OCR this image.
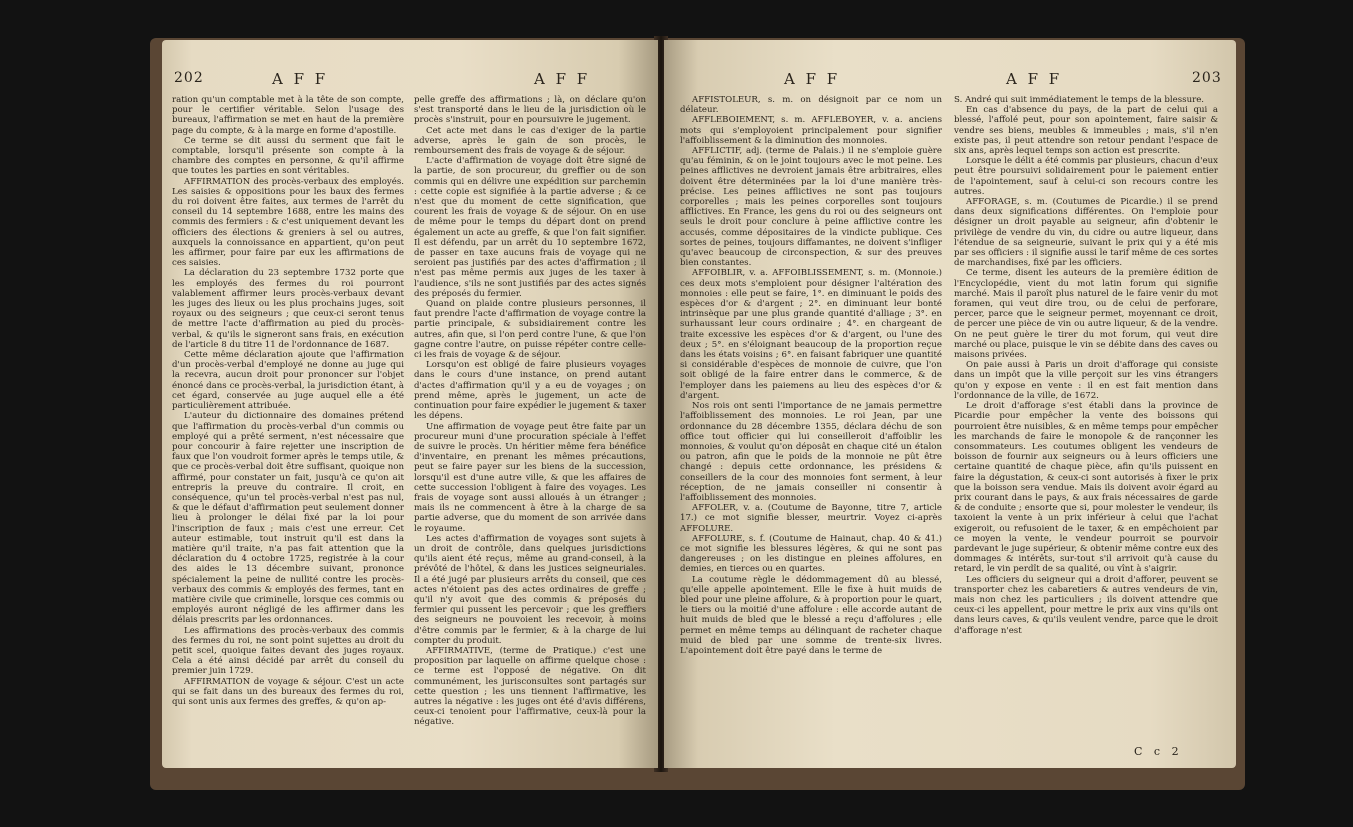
202	A F F	A F F

ration qu'un comptable met à la tête de son compte, pour le certifier véritable. Selon l'usage des bureaux, l'affirmation se met en haut de la première page du compte, & à la marge en forme d'apostille.

Ce terme se dit aussi du serment que fait le comptable, lorsqu'il présente son compte à la chambre des comptes en personne, & qu'il affirme que toutes les parties en sont véritables.

AFFIRMATION des procès-verbaux des employés. Les saisies & oppositions pour les baux des fermes du roi doivent être faites, aux termes de l'arrêt du conseil du 14 septembre 1688, entre les mains des commis des fermiers : & c'est uniquement devant les officiers des élections & greniers à sel ou autres, auxquels la connoissance en appartient, qu'on peut les affirmer, pour faire par eux les affirmations de ces saisies.

La déclaration du 23 septembre 1732 porte que les employés des fermes du roi pourront valablement affirmer leurs procès-verbaux devant les juges des lieux ou les plus prochains juges, soit royaux ou des seigneurs ; que ceux-ci seront tenus de mettre l'acte d'affirmation au pied du procès-verbal, & qu'ils le signeront sans frais, en exécution de l'article 8 du titre 11 de l'ordonnance de 1687.

Cette même déclaration ajoute que l'affirmation d'un procès-verbal d'employé ne donne au juge qui la recevra, aucun droit pour prononcer sur l'objet énoncé dans ce procès-verbal, la jurisdiction étant, à cet égard, conservée au juge auquel elle a été particulièrement attribuée.

L'auteur du dictionnaire des domaines prétend que l'affirmation du procès-verbal d'un commis ou employé qui a prêté serment, n'est nécessaire que pour concourir à faire rejetter une inscription de faux que l'on voudroit former après le temps utile, & que ce procès-verbal doit être suffisant, quoique non affirmé, pour constater un fait, jusqu'à ce qu'on ait entrepris la preuve du contraire. Il croit, en conséquence, qu'un tel procès-verbal n'est pas nul, & que le défaut d'affirmation peut seulement donner lieu à prolonger le délai fixé par la loi pour l'inscription de faux ; mais c'est une erreur. Cet auteur estimable, tout instruit qu'il est dans la matière qu'il traite, n'a pas fait attention que la déclaration du 4 octobre 1725, registrée à la cour des aides le 13 décembre suivant, prononce spécialement la peine de nullité contre les procès-verbaux des commis & employés des fermes, tant en matière civile que criminelle, lorsque ces commis ou employés auront négligé de les affirmer dans les délais prescrits par les ordonnances.

Les affirmations des procès-verbaux des commis des fermes du roi, ne sont point sujettes au droit du petit scel, quoique faites devant des juges royaux. Cela a été ainsi décidé par arrêt du conseil du premier juin 1729.

AFFIRMATION de voyage & séjour. C'est un acte qui se fait dans un des bureaux des fermes du roi, qui sont unis aux fermes des greffes, & qu'on ap-

pelle greffe des affirmations ; là, on déclare qu'on s'est transporté dans le lieu de la jurisdiction où le procès s'instruit, pour en poursuivre le jugement.

Cet acte met dans le cas d'exiger de la partie adverse, après le gain de son procès, le remboursement des frais de voyage & de séjour.

L'acte d'affirmation de voyage doit être signé de la partie, de son procureur, du greffier ou de son commis qui en délivre une expédition sur parchemin : cette copie est signifiée à la partie adverse ; & ce n'est que du moment de cette signification, que courent les frais de voyage & de séjour. On en use de même pour le temps du départ dont on prend également un acte au greffe, & que l'on fait signifier. Il est défendu, par un arrêt du 10 septembre 1672, de passer en taxe aucuns frais de voyage qui ne seroient pas justifiés par des actes d'affirmation ; il n'est pas même permis aux juges de les taxer à l'audience, s'ils ne sont justifiés par des actes signés des préposés du fermier.

Quand on plaide contre plusieurs personnes, il faut prendre l'acte d'affirmation de voyage contre la partie principale, & subsidiairement contre les autres, afin que, si l'on perd contre l'une, & que l'on gagne contre l'autre, on puisse répéter contre celle-ci les frais de voyage & de séjour.

Lorsqu'on est obligé de faire plusieurs voyages dans le cours d'une instance, on prend autant d'actes d'affirmation qu'il y a eu de voyages ; on prend même, après le jugement, un acte de continuation pour faire expédier le jugement & taxer les dépens.

Une affirmation de voyage peut être faite par un procureur muni d'une procuration spéciale à l'effet de suivre le procès. Un héritier même fera bénéfice d'inventaire, en prenant les mêmes précautions, peut se faire payer sur les biens de la succession, lorsqu'il est d'une autre ville, & que les affaires de cette succession l'obligent à faire des voyages. Les frais de voyage sont aussi alloués à un étranger ; mais ils ne commencent à être à la charge de sa partie adverse, que du moment de son arrivée dans le royaume.

Les actes d'affirmation de voyages sont sujets à un droit de contrôle, dans quelques jurisdictions qu'ils aient été reçus, même au grand-conseil, à la prévôté de l'hôtel, & dans les justices seigneuriales. Il a été jugé par plusieurs arrêts du conseil, que ces actes n'étoient pas des actes ordinaires de greffe ; qu'il n'y avoit que des commis & préposés du fermier qui pussent les percevoir ; que les greffiers des seigneurs ne pouvoient les recevoir, à moins d'être commis par le fermier, & à la charge de lui compter du produit.

AFFIRMATIVE, (terme de Pratique.) c'est une proposition par laquelle on affirme quelque chose : ce terme est l'opposé de négative. On dit communément, les jurisconsultes sont partagés sur cette question ; les uns tiennent l'affirmative, les autres la négative : les juges ont été d'avis différens, ceux-ci tenoient pour l'affirmative, ceux-là pour la négative.

A F F	A F F	203

AFFISTOLEUR, s. m. on désignoit par ce nom un délateur.

AFFLEBOIEMENT, s. m. AFFLEBOYER, v. a. anciens mots qui s'employoient principalement pour signifier l'affoiblissement & la diminution des monnoies.

AFFLICTIF, adj. (terme de Palais.) il ne s'emploie guère qu'au féminin, & on le joint toujours avec le mot peine. Les peines afflictives ne devroient jamais être arbitraires, elles doivent être déterminées par la loi d'une manière très-précise. Les peines afflictives ne sont pas toujours corporelles ; mais les peines corporelles sont toujours afflictives. En France, les gens du roi ou des seigneurs ont seuls le droit pour conclure à peine afflictive contre les accusés, comme dépositaires de la vindicte publique. Ces sortes de peines, toujours diffamantes, ne doivent s'infliger qu'avec beaucoup de circonspection, & sur des preuves bien constantes.

AFFOIBLIR, v. a. AFFOIBLISSEMENT, s. m. (Monnoie.) ces deux mots s'emploient pour désigner l'altération des monnoies : elle peut se faire, 1°. en diminuant le poids des espèces d'or & d'argent ; 2°. en diminuant leur bonté intrinsèque par une plus grande quantité d'alliage ; 3°. en surhaussant leur cours ordinaire ; 4°. en chargeant de traite excessive les espèces d'or & d'argent, ou l'une des deux ; 5°. en s'éloignant beaucoup de la proportion reçue dans les états voisins ; 6°. en faisant fabriquer une quantité si considérable d'espèces de monnoie de cuivre, que l'on soit obligé de la faire entrer dans le commerce, & de l'employer dans les paiemens au lieu des espèces d'or & d'argent.

Nos rois ont senti l'importance de ne jamais permettre l'affoiblissement des monnoies. Le roi Jean, par une ordonnance du 28 décembre 1355, déclara déchu de son office tout officier qui lui conseilleroit d'affoiblir les monnoies, & voulut qu'on déposât en chaque cité un étalon ou patron, afin que le poids de la monnoie ne pût être changé : depuis cette ordonnance, les présidens & conseillers de la cour des monnoies font serment, à leur réception, de ne jamais conseiller ni consentir à l'affoiblissement des monnoies.

AFFOLER, v. a. (Coutume de Bayonne, titre 7, article 17.) ce mot signifie blesser, meurtrir. Voyez ci-après AFFOLURE.

AFFOLURE, s. f. (Coutume de Hainaut, chap. 40 & 41.) ce mot signifie les blessures légères, & qui ne sont pas dangereuses ; on les distingue en pleines affolures, en demies, en tierces ou en quartes.

La coutume règle le dédommagement dû au blessé, qu'elle appelle apointement. Elle le fixe à huit muids de bled pour une pleine affolure, & à proportion pour le quart, le tiers ou la moitié d'une affolure : elle accorde autant de huit muids de bled que le blessé a reçu d'affolures ; elle permet en même temps au délinquant de racheter chaque muid de bled par une somme de trente-six livres. L'apointement doit être payé dans le terme de

S. André qui suit immédiatement le temps de la blessure.

En cas d'absence du pays, de la part de celui qui a blessé, l'affolé peut, pour son apointement, faire saisir & vendre ses biens, meubles & immeubles ; mais, s'il n'en existe pas, il peut attendre son retour pendant l'espace de six ans, après lequel temps son action est prescrite.

Lorsque le délit a été commis par plusieurs, chacun d'eux peut être poursuivi solidairement pour le paiement entier de l'apointement, sauf à celui-ci son recours contre les autres.

AFFORAGE, s. m. (Coutumes de Picardie.) il se prend dans deux significations différentes. On l'emploie pour désigner un droit payable au seigneur, afin d'obtenir le privilège de vendre du vin, du cidre ou autre liqueur, dans l'étendue de sa seigneurie, suivant le prix qui y a été mis par ses officiers : il signifie aussi le tarif même de ces sortes de marchandises, fixé par les officiers.

Ce terme, disent les auteurs de la première édition de l'Encyclopédie, vient du mot latin forum qui signifie marché. Mais il paroît plus naturel de le faire venir du mot foramen, qui veut dire trou, ou de celui de perforare, percer, parce que le seigneur permet, moyennant ce droit, de percer une pièce de vin ou autre liqueur, & de la vendre. On ne peut guère le tirer du mot forum, qui veut dire marché ou place, puisque le vin se débite dans des caves ou maisons privées.

On paie aussi à Paris un droit d'afforage qui consiste dans un impôt que la ville perçoit sur les vins étrangers qu'on y expose en vente : il en est fait mention dans l'ordonnance de la ville, de 1672.

Le droit d'afforage s'est établi dans la province de Picardie pour empêcher la vente des boissons qui pourroient être nuisibles, & en même temps pour empêcher les marchands de faire le monopole & de rançonner les consommateurs. Les coutumes obligent les vendeurs de boisson de fournir aux seigneurs ou à leurs officiers une certaine quantité de chaque pièce, afin qu'ils puissent en faire la dégustation, & ceux-ci sont autorisés à fixer le prix que la boisson sera vendue. Mais ils doivent avoir égard au prix courant dans le pays, & aux frais nécessaires de garde & de conduite ; ensorte que si, pour molester le vendeur, ils taxoient la vente à un prix inférieur à celui que l'achat exigeroit, ou refusoient de le taxer, & en empêchoient par ce moyen la vente, le vendeur pourroit se pourvoir pardevant le juge supérieur, & obtenir même contre eux des dommages & intérêts, sur-tout s'il arrivoit qu'à cause du retard, le vin perdît de sa qualité, ou vînt à s'aigrir.

Les officiers du seigneur qui a droit d'afforer, peuvent se transporter chez les cabaretiers & autres vendeurs de vin, mais non chez les particuliers ; ils doivent attendre que ceux-ci les appellent, pour mettre le prix aux vins qu'ils ont dans leurs caves, & qu'ils veulent vendre, parce que le droit d'afforage n'est

C c 2
